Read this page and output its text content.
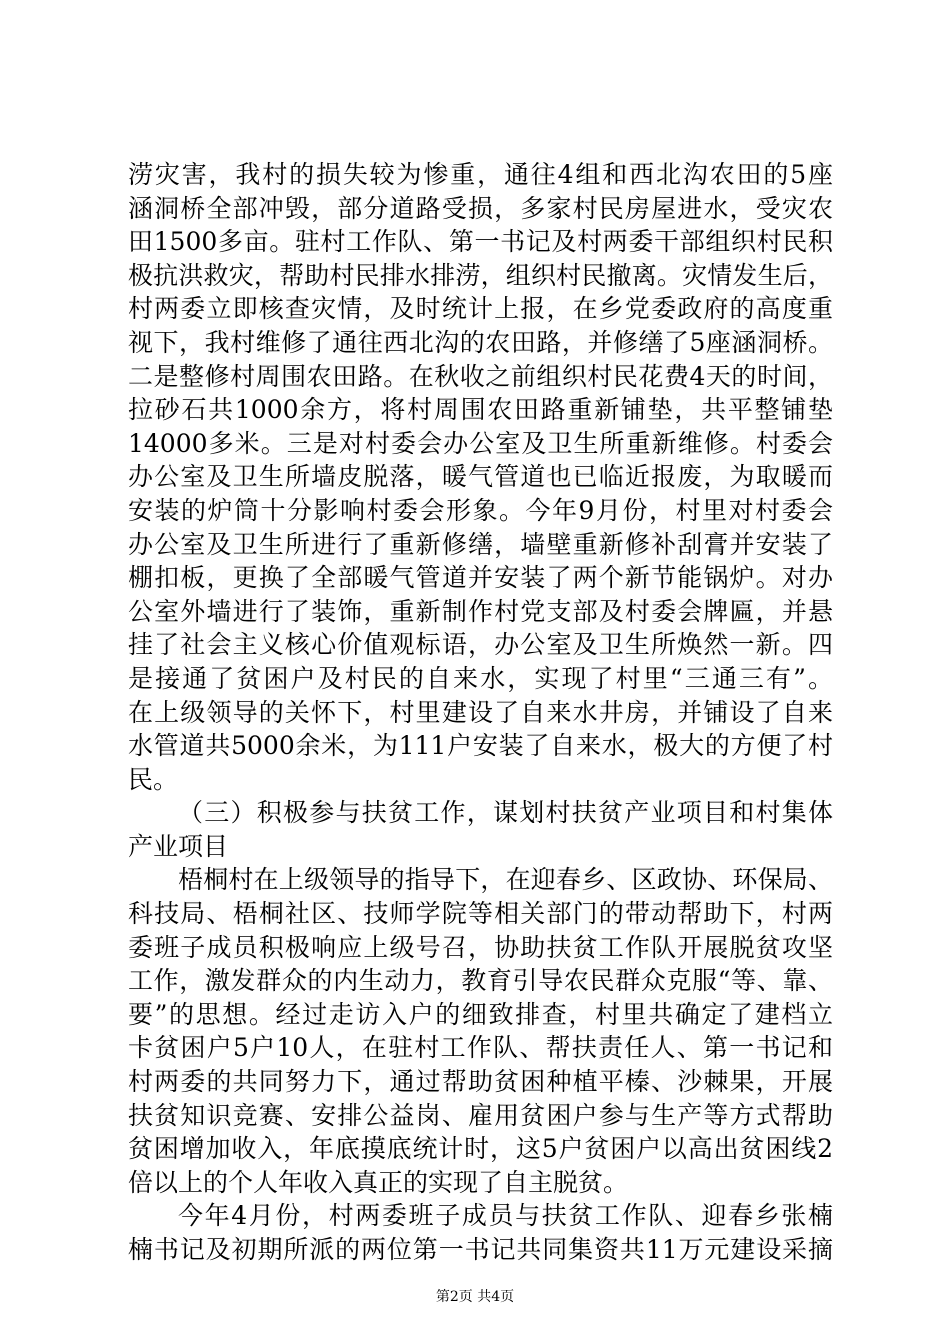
涝灾害，我村的损失较为惨重，通往4组和西北沟农田的5座
涵洞桥全部冲毁，部分道路受损，多家村民房屋进水，受灾农
田1500多亩。驻村工作队、第一书记及村两委干部组织村民积
极抗洪救灾，帮助村民排水排涝，组织村民撤离。灾情发生后，
村两委立即核查灾情，及时统计上报，在乡党委政府的高度重
视下，我村维修了通往西北沟的农田路，并修缮了5座涵洞桥。
二是整修村周围农田路。在秋收之前组织村民花费4天的时间，
拉砂石共1000余方，将村周围农田路重新铺垫，共平整铺垫
14000多米。三是对村委会办公室及卫生所重新维修。村委会
办公室及卫生所墙皮脱落，暖气管道也已临近报废，为取暖而
安装的炉筒十分影响村委会形象。今年9月份，村里对村委会
办公室及卫生所进行了重新修缮，墙壁重新修补刮膏并安装了
棚扣板，更换了全部暖气管道并安装了两个新节能锅炉。对办
公室外墙进行了装饰，重新制作村党支部及村委会牌匾，并悬
挂了社会主义核心价值观标语，办公室及卫生所焕然一新。四
是接通了贫困户及村民的自来水，实现了村里“三通三有”。
在上级领导的关怀下，村里建设了自来水井房，并铺设了自来
水管道共5000余米，为111户安装了自来水，极大的方便了村
民。
（三）积极参与扶贫工作，谋划村扶贫产业项目和村集体
产业项目
梧桐村在上级领导的指导下，在迎春乡、区政协、环保局、
科技局、梧桐社区、技师学院等相关部门的带动帮助下，村两
委班子成员积极响应上级号召，协助扶贫工作队开展脱贫攻坚
工作，激发群众的内生动力，教育引导农民群众克服“等、靠、
要”的思想。经过走访入户的细致排查，村里共确定了建档立
卡贫困户5户10人，在驻村工作队、帮扶责任人、第一书记和
村两委的共同努力下，通过帮助贫困种植平榛、沙棘果，开展
扶贫知识竞赛、安排公益岗、雇用贫困户参与生产等方式帮助
贫困增加收入，年底摸底统计时，这5户贫困户以高出贫困线2
倍以上的个人年收入真正的实现了自主脱贫。
今年4月份，村两委班子成员与扶贫工作队、迎春乡张楠
楠书记及初期所派的两位第一书记共同集资共11万元建设采摘
第2页 共4页
